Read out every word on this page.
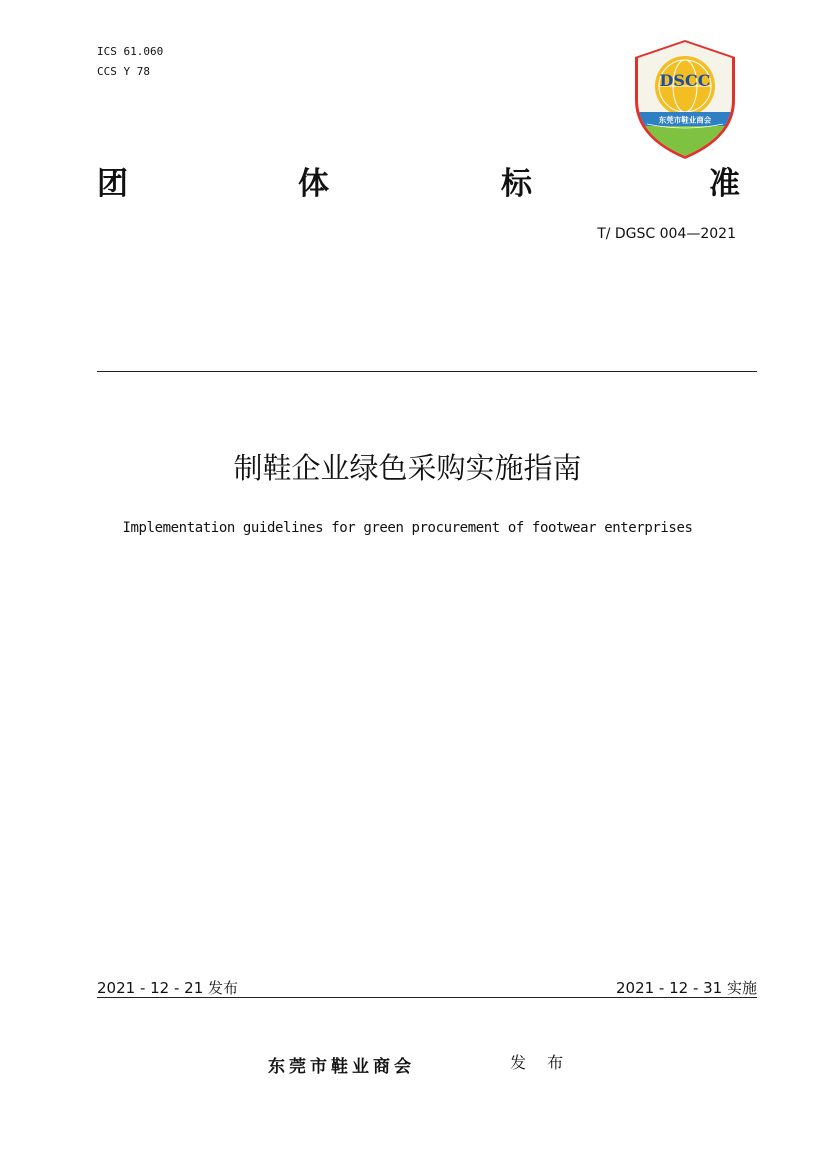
ICS 61.060
CCS Y 78	DSCC
东莞市鞋业商会
团	体	标	准
T/ DGSC 004—2021
制鞋企业绿色采购实施指南
Implementation guidelines for green procurement of footwear enterprises
2021 - 12 - 21 发布	2021 - 12 - 31 实施
东莞市鞋业商会	发 布
